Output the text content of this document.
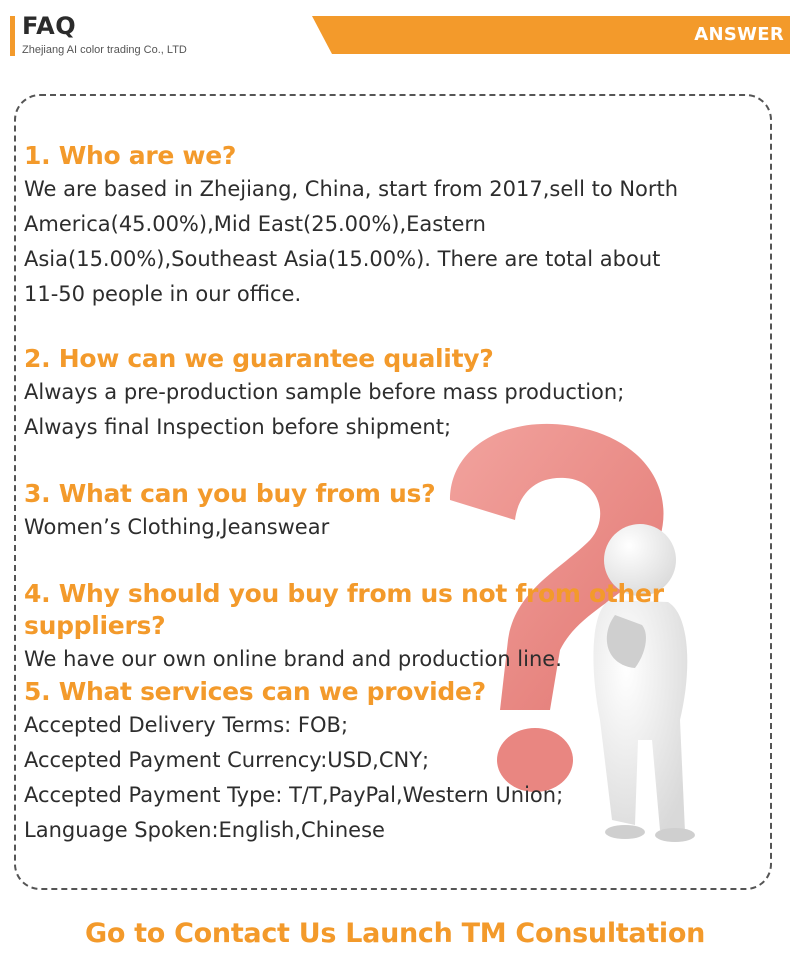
FAQ
Zhejiang AI color trading Co., LTD
ANSWER

1. Who are we?

We are based in Zhejiang, China, start from 2017,sell to North

America(45.00%),Mid East(25.00%),Eastern

Asia(15.00%),Southeast Asia(15.00%). There are total about

11-50 people in our office.

2. How can we guarantee quality?

Always a pre-production sample before mass production;

Always final Inspection before shipment;

3. What can you buy from us?

Women’s Clothing,Jeanswear

4. Why should you buy from us not from other suppliers?

We have our own online brand and production line.

5. What services can we provide?

Accepted Delivery Terms: FOB;

Accepted Payment Currency:USD,CNY;

Accepted Payment Type: T/T,PayPal,Western Union;

Language Spoken:English,Chinese

Go to Contact Us Launch TM Consultation
